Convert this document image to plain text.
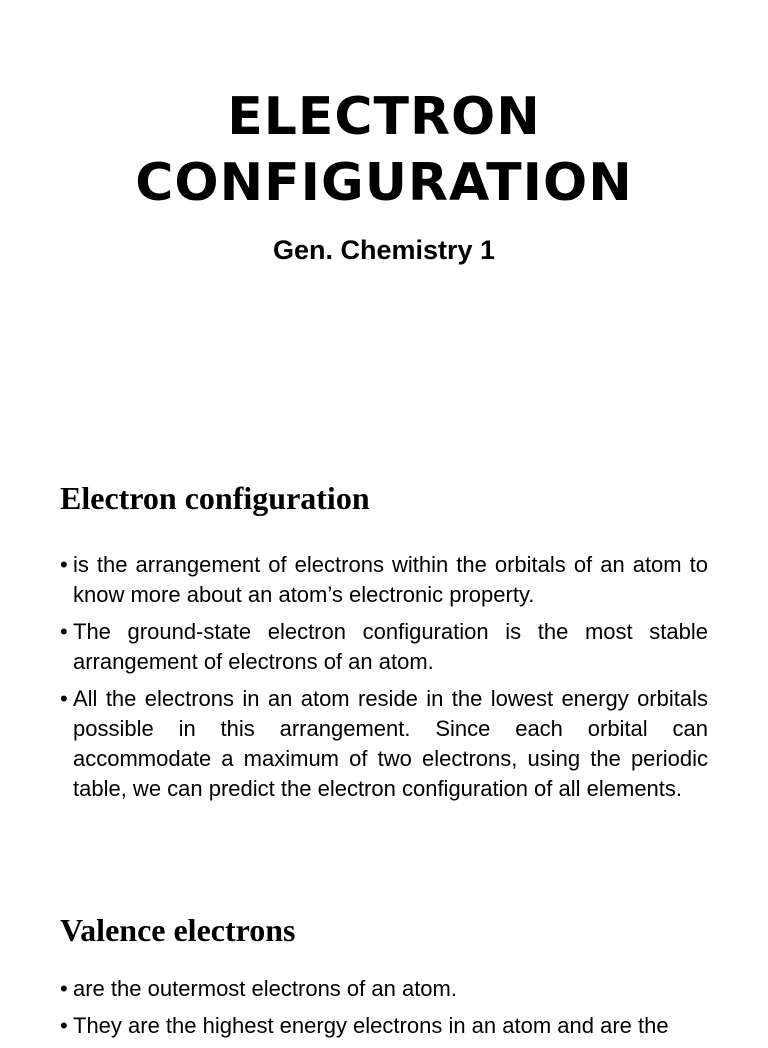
ELECTRON
CONFIGURATION
Gen. Chemistry 1
Electron configuration
• is the arrangement of electrons within the orbitals of an atom to know more about an atom’s electronic property.
• The ground-state electron configuration is the most stable arrangement of electrons of an atom.
• All the electrons in an atom reside in the lowest energy orbitals possible in this arrangement. Since each orbital can accommodate a maximum of two electrons, using the periodic table, we can predict the electron configuration of all elements.
Valence electrons
• are the outermost electrons of an atom.
• They are the highest energy electrons in an atom and are the
